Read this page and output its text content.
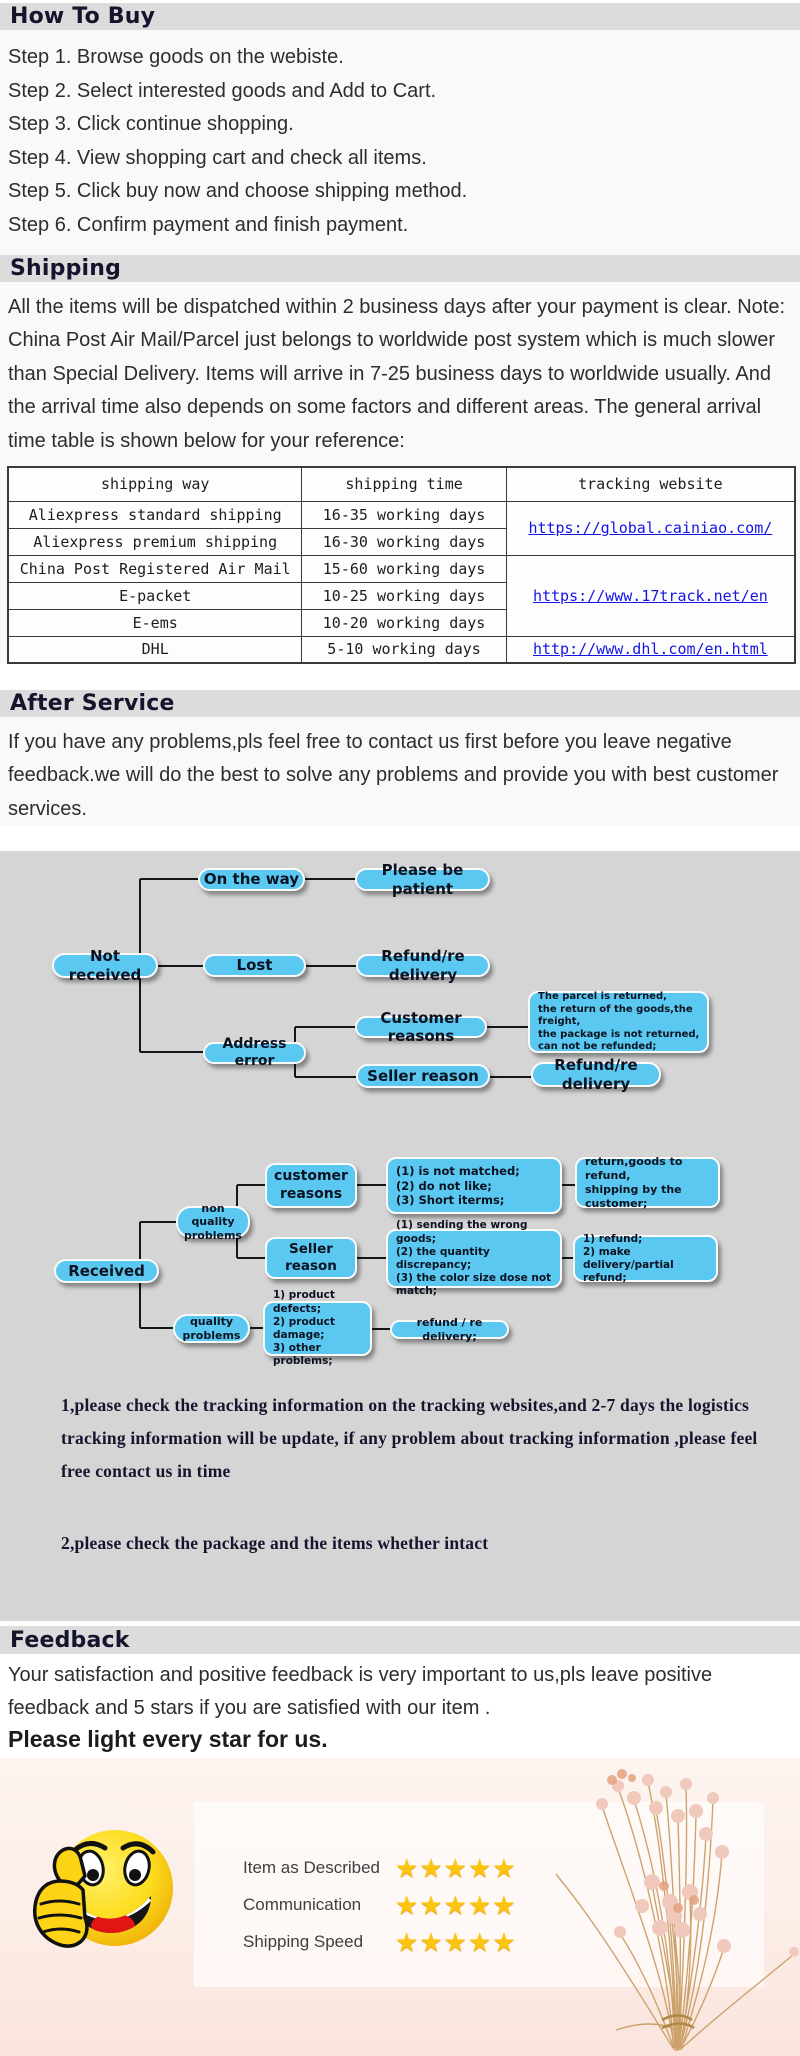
How To Buy
Step 1. Browse goods on the webiste.
Step 2. Select interested goods and Add to Cart.
Step 3. Click continue shopping.
Step 4. View shopping cart and check all items.
Step 5. Click buy now and choose shipping method.
Step 6. Confirm payment and finish payment.
Shipping

All the items will be dispatched within 2 business days after your payment is clear. Note: China Post Air Mail/Parcel just belongs to worldwide post system which is much slower than Special Delivery. Items will arrive in 7-25 business days to worldwide usually. And the arrival time also depends on some factors and different areas. The general arrival time table is shown below for your reference:

shipping way	shipping time	tracking website
Aliexpress standard shipping	16-35 working days	https://global.cainiao.com/
Aliexpress premium shipping	16-30 working days	
China Post Registered Air Mail	15-60 working days	https://www.17track.net/en
E-packet	10-25 working days	
E-ems	10-20 working days	
DHL	5-10 working days	http://www.dhl.com/en.html
After Service

If you have any problems,pls feel free to contact us first before you leave negative feedback.we will do the best to solve any problems and provide you with best customer services.

On the way
Please be patient
Not received
Lost
Refund/re delivery
Customer reasons
The parcel is returned,
the return of the goods,the freight,
the package is not returned,
can not be refunded;
Address error
Seller reason
Refund/re delivery
customer
reasons
(1) is not matched;
(2) do not like;
(3) Short iterms;
return,goods to refund,
shipping by the customer;
non quality
problems
Seller reason
(1) sending the wrong goods;
(2) the quantity discrepancy;
(3) the color size dose not match;
1) refund;
2) make delivery/partial refund;
Received
quality
problems
1) product defects;
2) product damage;
3) other problems;
refund / re delivery;
1,please check the tracking information on the tracking websites,and 2-7 days the logistics tracking information will be update, if any problem about tracking information ,please feel free contact us in time
2,please check the package and the items whether intact
Feedback

Your satisfaction and positive feedback is very important to us,pls leave positive feedback and 5 stars if you are satisfied with our item .

Please light every star for us.
Item as Described ★ ★ ★ ★ ★
Communication	★ ★ ★ ★ ★
Shipping Speed	★ ★ ★ ★ ★
